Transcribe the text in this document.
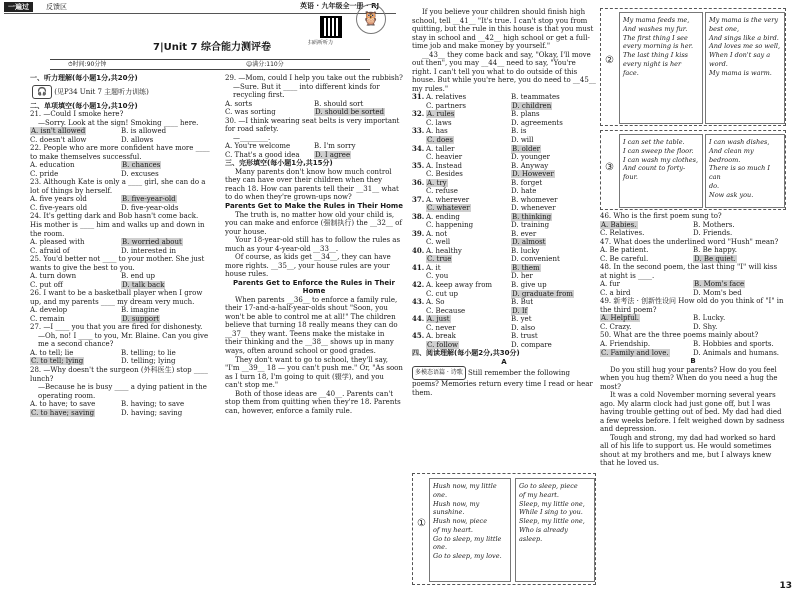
一遍过	反馈区	英语 · 九年级全一册 · RJ
🦉
扫码听听力
7|Unit 7 综合能力测评卷
⏱时间:90分钟	☺满分:110分
一、听力理解(每小题1分,共20分)
🎧 (见P34 Unit 7 主题听力训练)
二、单项填空(每小题1分,共10分)
21. —Could I smoke here?
—Sorry. Look at the sign! Smoking ____ here.
A. isn't allowed	B. is allowed
C. doesn't allow	D. allows
22. People who are more confident have more ____ to make themselves successful.
A. education	B. chances
C. pride	D. excuses
23. Although Kate is only a ____ girl, she can do a lot of things by herself.
A. five years old	B. five-year-old
C. five-years old	D. five-year-olds
24. It's getting dark and Bob hasn't come back. His mother is ____ him and walks up and down in the room.
A. pleased with	B. worried about
C. afraid of	D. interested in
25. You'd better not ____ to your mother. She just wants to give the best to you.
A. turn down	B. end up
C. put off	D. talk back
26. I want to be a basketball player when I grow up, and my parents ____ my dream very much.
A. develop	B. imagine
C. remain	D. support
27. —I ____ you that you are fired for dishonesty.
—Oh, no! I ____ to you, Mr. Blaine. Can you give me a second chance?
A. to tell; lie	B. telling; to lie
C. to tell; lying	D. telling; lying
28. —Why doesn't the surgeon (外科医生) stop ____ lunch?
—Because he is busy ____ a dying patient in the operating room.
A. to have; to save	B. having; to save
C. to have; saving	D. having; saving
29. —Mom, could I help you take out the rubbish?
—Sure. But it ____ into different kinds for recycling first.
A. sorts	B. should sort
C. was sorting	D. should be sorted
30. —I think wearing seat belts is very important for road safety.
—________.
A. You're welcome	B. I'm sorry
C. That's a good idea	D. I agree
三、完形填空(每小题1分,共15分)

Many parents don't know how much control they can have over their children when they reach 18. How can parents tell their __31__ what to do when they're grown-ups now?

Parents Get to Make the Rules in Their Home

The truth is, no matter how old your child is, you can make and enforce (强制执行) the __32__ of your house.

Your 18-year-old still has to follow the rules as much as your 4-year-old __33__.

Of course, as kids get __34__, they can have more rights. __35__, your house rules are your house rules.

Parents Get to Enforce the Rules in Their Home

When parents __36__ to enforce a family rule, their 17-and-a-half-year-olds shout "Soon, you won't be able to control me at all!" The children believe that turning 18 really means they can do __37__ they want. Teens make the mistake in their thinking and the __38__ shows up in many ways, often around school or good grades.

They don't want to go to school, they'll say, "I'm __39__ 18 — you can't push me." Or, "As soon as I turn 18, I'm going to quit (辍学), and you can't stop me."

Both of those ideas are __40__. Parents can't stop them from quitting when they're 18. Parents can, however, enforce a family rule.

If you believe your children should finish high school, tell __41__ "It's true. I can't stop you from quitting, but the rule in this house is that you must stay in school and __42__ high school or get a full-time job and make money by yourself."

__43__ they come back and say, "Okay, I'll move out then", you may __44__ need to say, "You're right. I can't tell you what to do outside of this house. But while you're here, you do need to __45__ my rules."

31. A. relatives	B. teammates
C. partners	D. children
32. A. rules	B. plans
C. laws	D. agreements
33. A. has	B. is
C. does	D. will
34. A. taller	B. older
C. heavier	D. younger
35. A. Instead	B. Anyway
C. Besides	D. However
36. A. try	B. forget
C. refuse	D. hate
37. A. wherever	B. whomever
C. whatever	D. whenever
38. A. ending	B. thinking
C. happening	D. training
39. A. not	B. ever
C. well	D. almost
40. A. healthy	B. lucky
C. true	D. convenient
41. A. it	B. them
C. you	D. her
42. A. keep away from	B. give up
C. cut up	D. graduate from
43. A. So	B. But
C. Because	D. If
44. A. just	B. yet
C. never	D. also
45. A. break	B. trust
C. follow	D. compare
四、阅读理解(每小题2分,共30分)
A
多模态语篇 · 诗歌 Still remember the following poems? Memories return every time I read or hear them.
①
Hush now, my little one.
Hush now, my sunshine.
Hush now, piece
of my heart.
Go to sleep, my little one.
Go to sleep, my love.
Go to sleep, piece
of my heart.
Sleep, my little one,
While I sing to you.
Sleep, my little one,
Who is already asleep.
②
My mama feeds me,
And washes my fur.
The first thing I see
every morning is her.
The last thing I kiss
every night is her
face.
My mama is the very
best one,
And sings like a bird.
And loves me so well,
When I don't say a word.
My mama is warm.
③
I can set the table.
I can sweep the floor.
I can wash my clothes,
And count to forty-
four.
I can wash dishes,
And clean my bedroom.
There is so much I can
do.
Now ask you.
46. Who is the first poem sung to?
A. Babies.	B. Mothers.
C. Relatives.	D. Friends.
47. What does the underlined word "Hush" mean?
A. Be patient.	B. Be happy.
C. Be careful.	D. Be quiet.
48. In the second poem, the last thing "I" will kiss at night is ____.
A. fur	B. Mom's face
C. a bird	D. Mom's bed
49. 新考法 · 创新性设问 How old do you think of "I" in the third poem?
A. Helpful.	B. Lucky.
C. Crazy.	D. Shy.
50. What are the three poems mainly about?
A. Friendship.	B. Hobbies and sports.
C. Family and love.	D. Animals and humans.
B

Do you still hug your parents? How do you feel when you hug them? When do you need a hug the most?

It was a cold November morning several years ago. My alarm clock had just gone off, but I was having trouble getting out of bed. My dad had died a few weeks before. I felt weighed down by sadness and depression.

Tough and strong, my dad had worked so hard all of his life to support us. He would sometimes shout at my brothers and me, but I always knew that he loved us.

13
